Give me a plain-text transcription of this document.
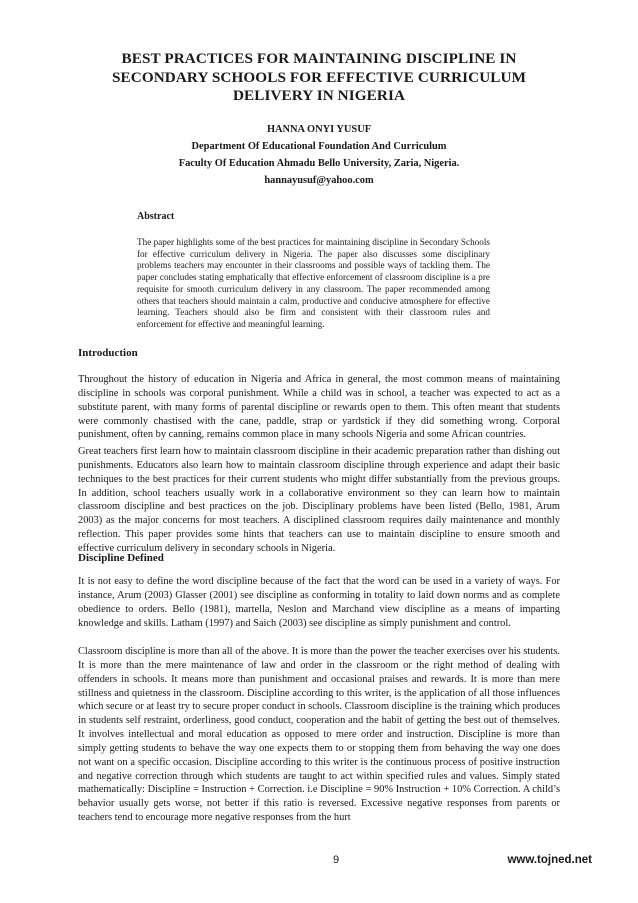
BEST PRACTICES FOR MAINTAINING DISCIPLINE IN SECONDARY SCHOOLS FOR EFFECTIVE CURRICULUM DELIVERY IN NIGERIA
HANNA ONYI YUSUF
Department Of Educational Foundation And Curriculum
Faculty Of Education Ahmadu Bello University, Zaria, Nigeria.
hannayusuf@yahoo.com
Abstract
The paper highlights some of the best practices for maintaining discipline in Secondary Schools for effective curriculum delivery in Nigeria. The paper also discusses some disciplinary problems teachers may encounter in their classrooms and possible ways of tackling them. The paper concludes stating emphatically that effective enforcement of classroom discipline is a pre requisite for smooth curriculum delivery in any classroom. The paper recommended among others that teachers should maintain a calm, productive and conducive atmosphere for effective learning. Teachers should also be firm and consistent with their classroom rules and enforcement for effective and meaningful learning.
Introduction
Throughout the history of education in Nigeria and Africa in general, the most common means of maintaining discipline in schools was corporal punishment. While a child was in school, a teacher was expected to act as a substitute parent, with many forms of parental discipline or rewards open to them. This often meant that students were commonly chastised with the cane, paddle, strap or yardstick if they did something wrong. Corporal punishment, often by canning, remains common place in many schools Nigeria and some African countries.
Great teachers first learn how to maintain classroom discipline in their academic preparation rather than dishing out punishments. Educators also learn how to maintain classroom discipline through experience and adapt their basic techniques to the best practices for their current students who might differ substantially from the previous groups. In addition, school teachers usually work in a collaborative environment so they can learn how to maintain classroom discipline and best practices on the job. Disciplinary problems have been listed (Bello, 1981, Arum 2003) as the major concerns for most teachers. A disciplined classroom requires daily maintenance and monthly reflection. This paper provides some hints that teachers can use to maintain discipline to ensure smooth and effective curriculum delivery in secondary schools in Nigeria.
Discipline Defined
It is not easy to define the word discipline because of the fact that the word can be used in a variety of ways. For instance, Arum (2003) Glasser (2001) see discipline as conforming in totality to laid down norms and as complete obedience to orders. Bello (1981), martella, Neslon and Marchand view discipline as a means of imparting knowledge and skills. Latham (1997) and Saich (2003) see discipline as simply punishment and control.
Classroom discipline is more than all of the above. It is more than the power the teacher exercises over his students. It is more than the mere maintenance of law and order in the classroom or the right method of dealing with offenders in schools. It means more than punishment and occasional praises and rewards. It is more than mere stillness and quietness in the classroom. Discipline according to this writer, is the application of all those influences which secure or at least try to secure proper conduct in schools. Classroom discipline is the training which produces in students self restraint, orderliness, good conduct, cooperation and the habit of getting the best out of themselves. It involves intellectual and moral education as opposed to mere order and instruction. Discipline is more than simply getting students to behave the way one expects them to or stopping them from behaving the way one does not want on a specific occasion. Discipline according to this writer is the continuous process of positive instruction and negative correction through which students are taught to act within specified rules and values. Simply stated mathematically: Discipline = Instruction + Correction. i.e Discipline = 90% Instruction + 10% Correction. A child’s behavior usually gets worse, not better if this ratio is reversed. Excessive negative responses from parents or teachers tend to encourage more negative responses from the hurt
9	www.tojned.net
